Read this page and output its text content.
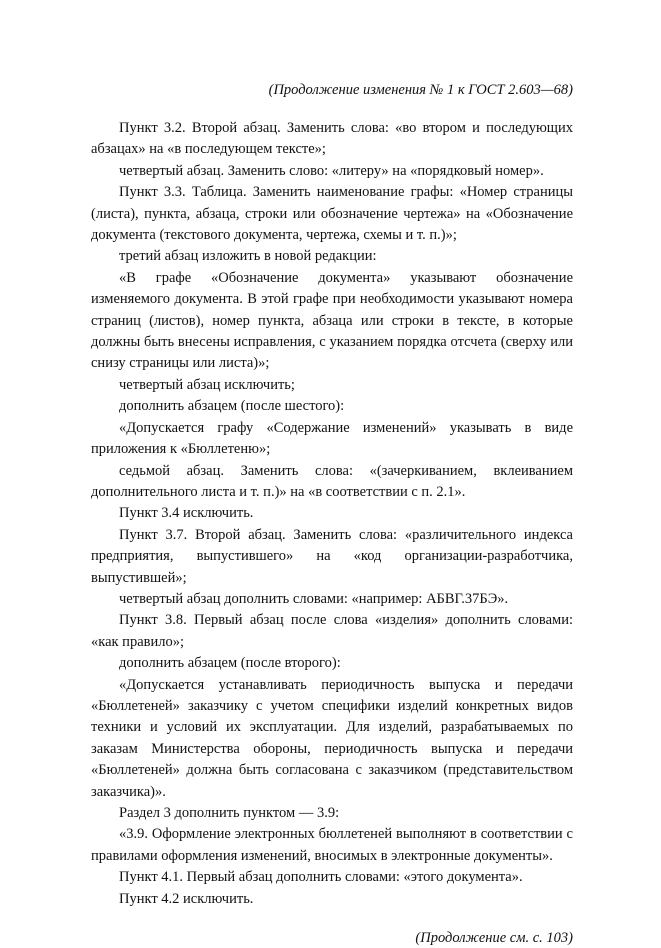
(Продолжение изменения № 1 к ГОСТ 2.603—68)

Пункт 3.2. Второй абзац. Заменить слова: «во втором и последующих абзацах» на «в последующем тексте»;

четвертый абзац. Заменить слово: «литеру» на «порядковый номер».

Пункт 3.3. Таблица. Заменить наименование графы: «Номер страницы (листа), пункта, абзаца, строки или обозначение чертежа» на «Обозначение документа (текстового документа, чертежа, схемы и т. п.)»;

третий абзац изложить в новой редакции:

«В графе «Обозначение документа» указывают обозначение изменяемого документа. В этой графе при необходимости указывают номера страниц (листов), номер пункта, абзаца или строки в тексте, в которые должны быть внесены исправления, с указанием порядка отсчета (сверху или снизу страницы или листа)»;

четвертый абзац исключить;

дополнить абзацем (после шестого):

«Допускается графу «Содержание изменений» указывать в виде приложения к «Бюллетеню»;

седьмой абзац. Заменить слова: «(зачеркиванием, вклеиванием дополнительного листа и т. п.)» на «в соответствии с п. 2.1».

Пункт 3.4 исключить.

Пункт 3.7. Второй абзац. Заменить слова: «различительного индекса предприятия, выпустившего» на «код организации-разработчика, выпустившей»;

четвертый абзац дополнить словами: «например: АБВГ.37БЭ».

Пункт 3.8. Первый абзац после слова «изделия» дополнить словами: «как правило»;

дополнить абзацем (после второго):

«Допускается устанавливать периодичность выпуска и передачи «Бюллетеней» заказчику с учетом специфики изделий конкретных видов техники и условий их эксплуатации. Для изделий, разрабатываемых по заказам Министерства обороны, периодичность выпуска и передачи «Бюллетеней» должна быть согласована с заказчиком (представительством заказчика)».

Раздел 3 дополнить пунктом — 3.9:

«3.9. Оформление электронных бюллетеней выполняют в соответствии с правилами оформления изменений, вносимых в электронные документы».

Пункт 4.1. Первый абзац дополнить словами: «этого документа».

Пункт 4.2 исключить.

(Продолжение см. с. 103)
